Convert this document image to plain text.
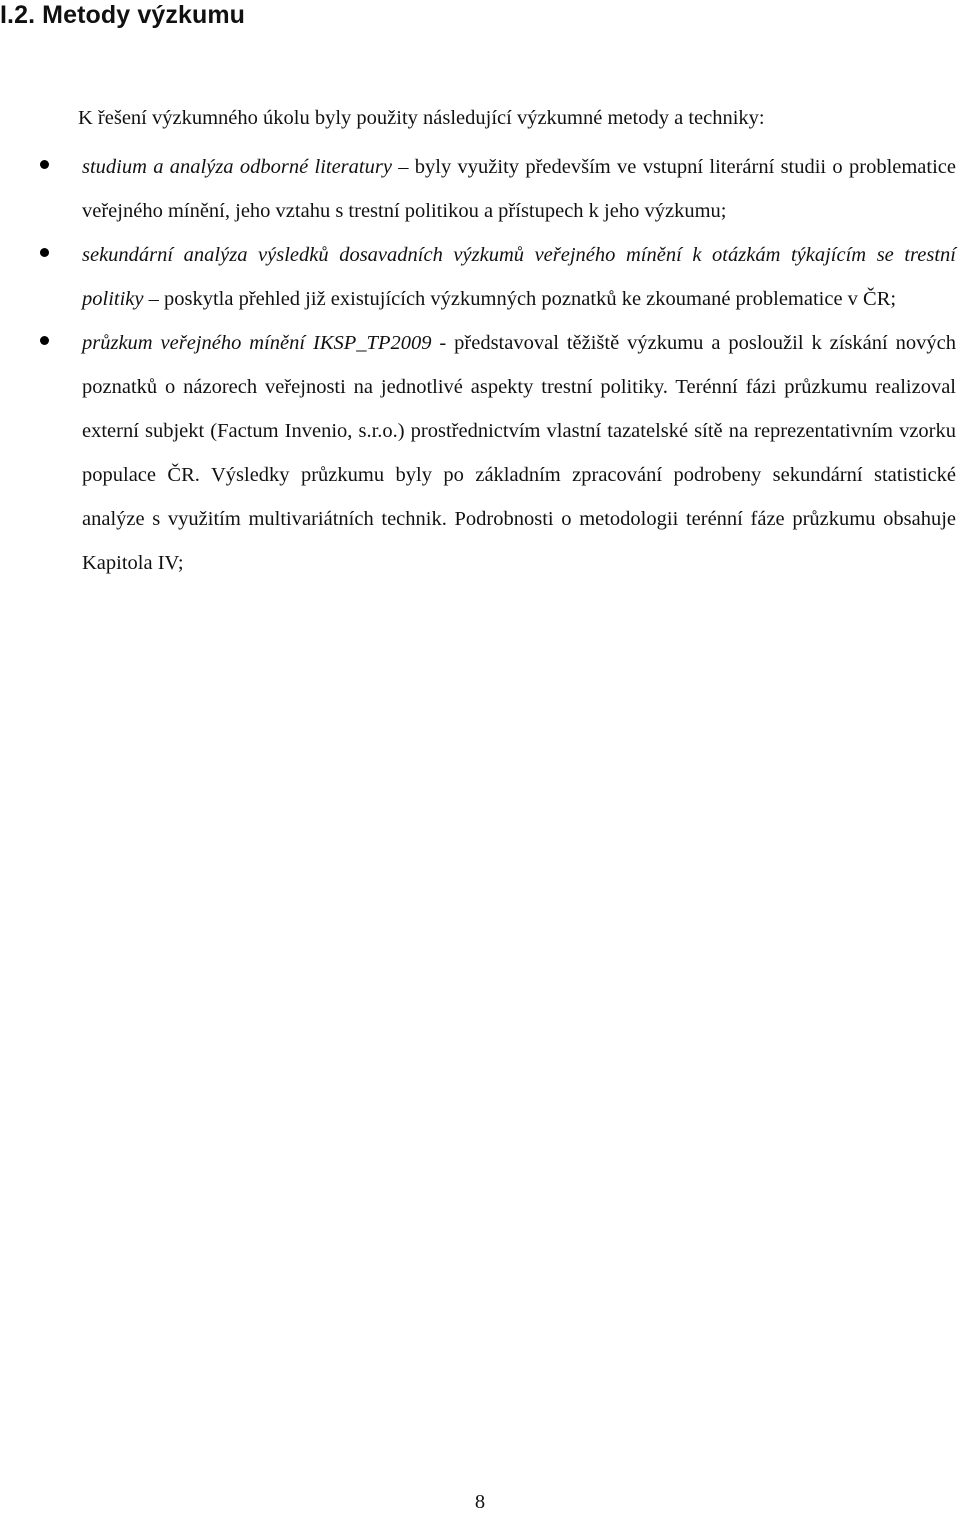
I.2. Metody výzkumu

K řešení výzkumného úkolu byly použity následující výzkumné metody a techniky:

studium a analýza odborné literatury – byly využity především ve vstupní literární studii o problematice veřejného mínění, jeho vztahu s trestní politikou a přístupech k jeho výzkumu;
sekundární analýza výsledků dosavadních výzkumů veřejného mínění k otázkám týkajícím se trestní politiky – poskytla přehled již existujících výzkumných poznatků ke zkoumané problematice v ČR;
průzkum veřejného mínění IKSP_TP2009 - představoval těžiště výzkumu a posloužil k získání nových poznatků o názorech veřejnosti na jednotlivé aspekty trestní politiky. Terénní fázi průzkumu realizoval externí subjekt (Factum Invenio, s.r.o.) prostřednictvím vlastní tazatelské sítě na reprezentativním vzorku populace ČR. Výsledky průzkumu byly po základním zpracování podrobeny sekundární statistické analýze s využitím multivariátních technik. Podrobnosti o metodologii terénní fáze průzkumu obsahuje Kapitola IV;
8
